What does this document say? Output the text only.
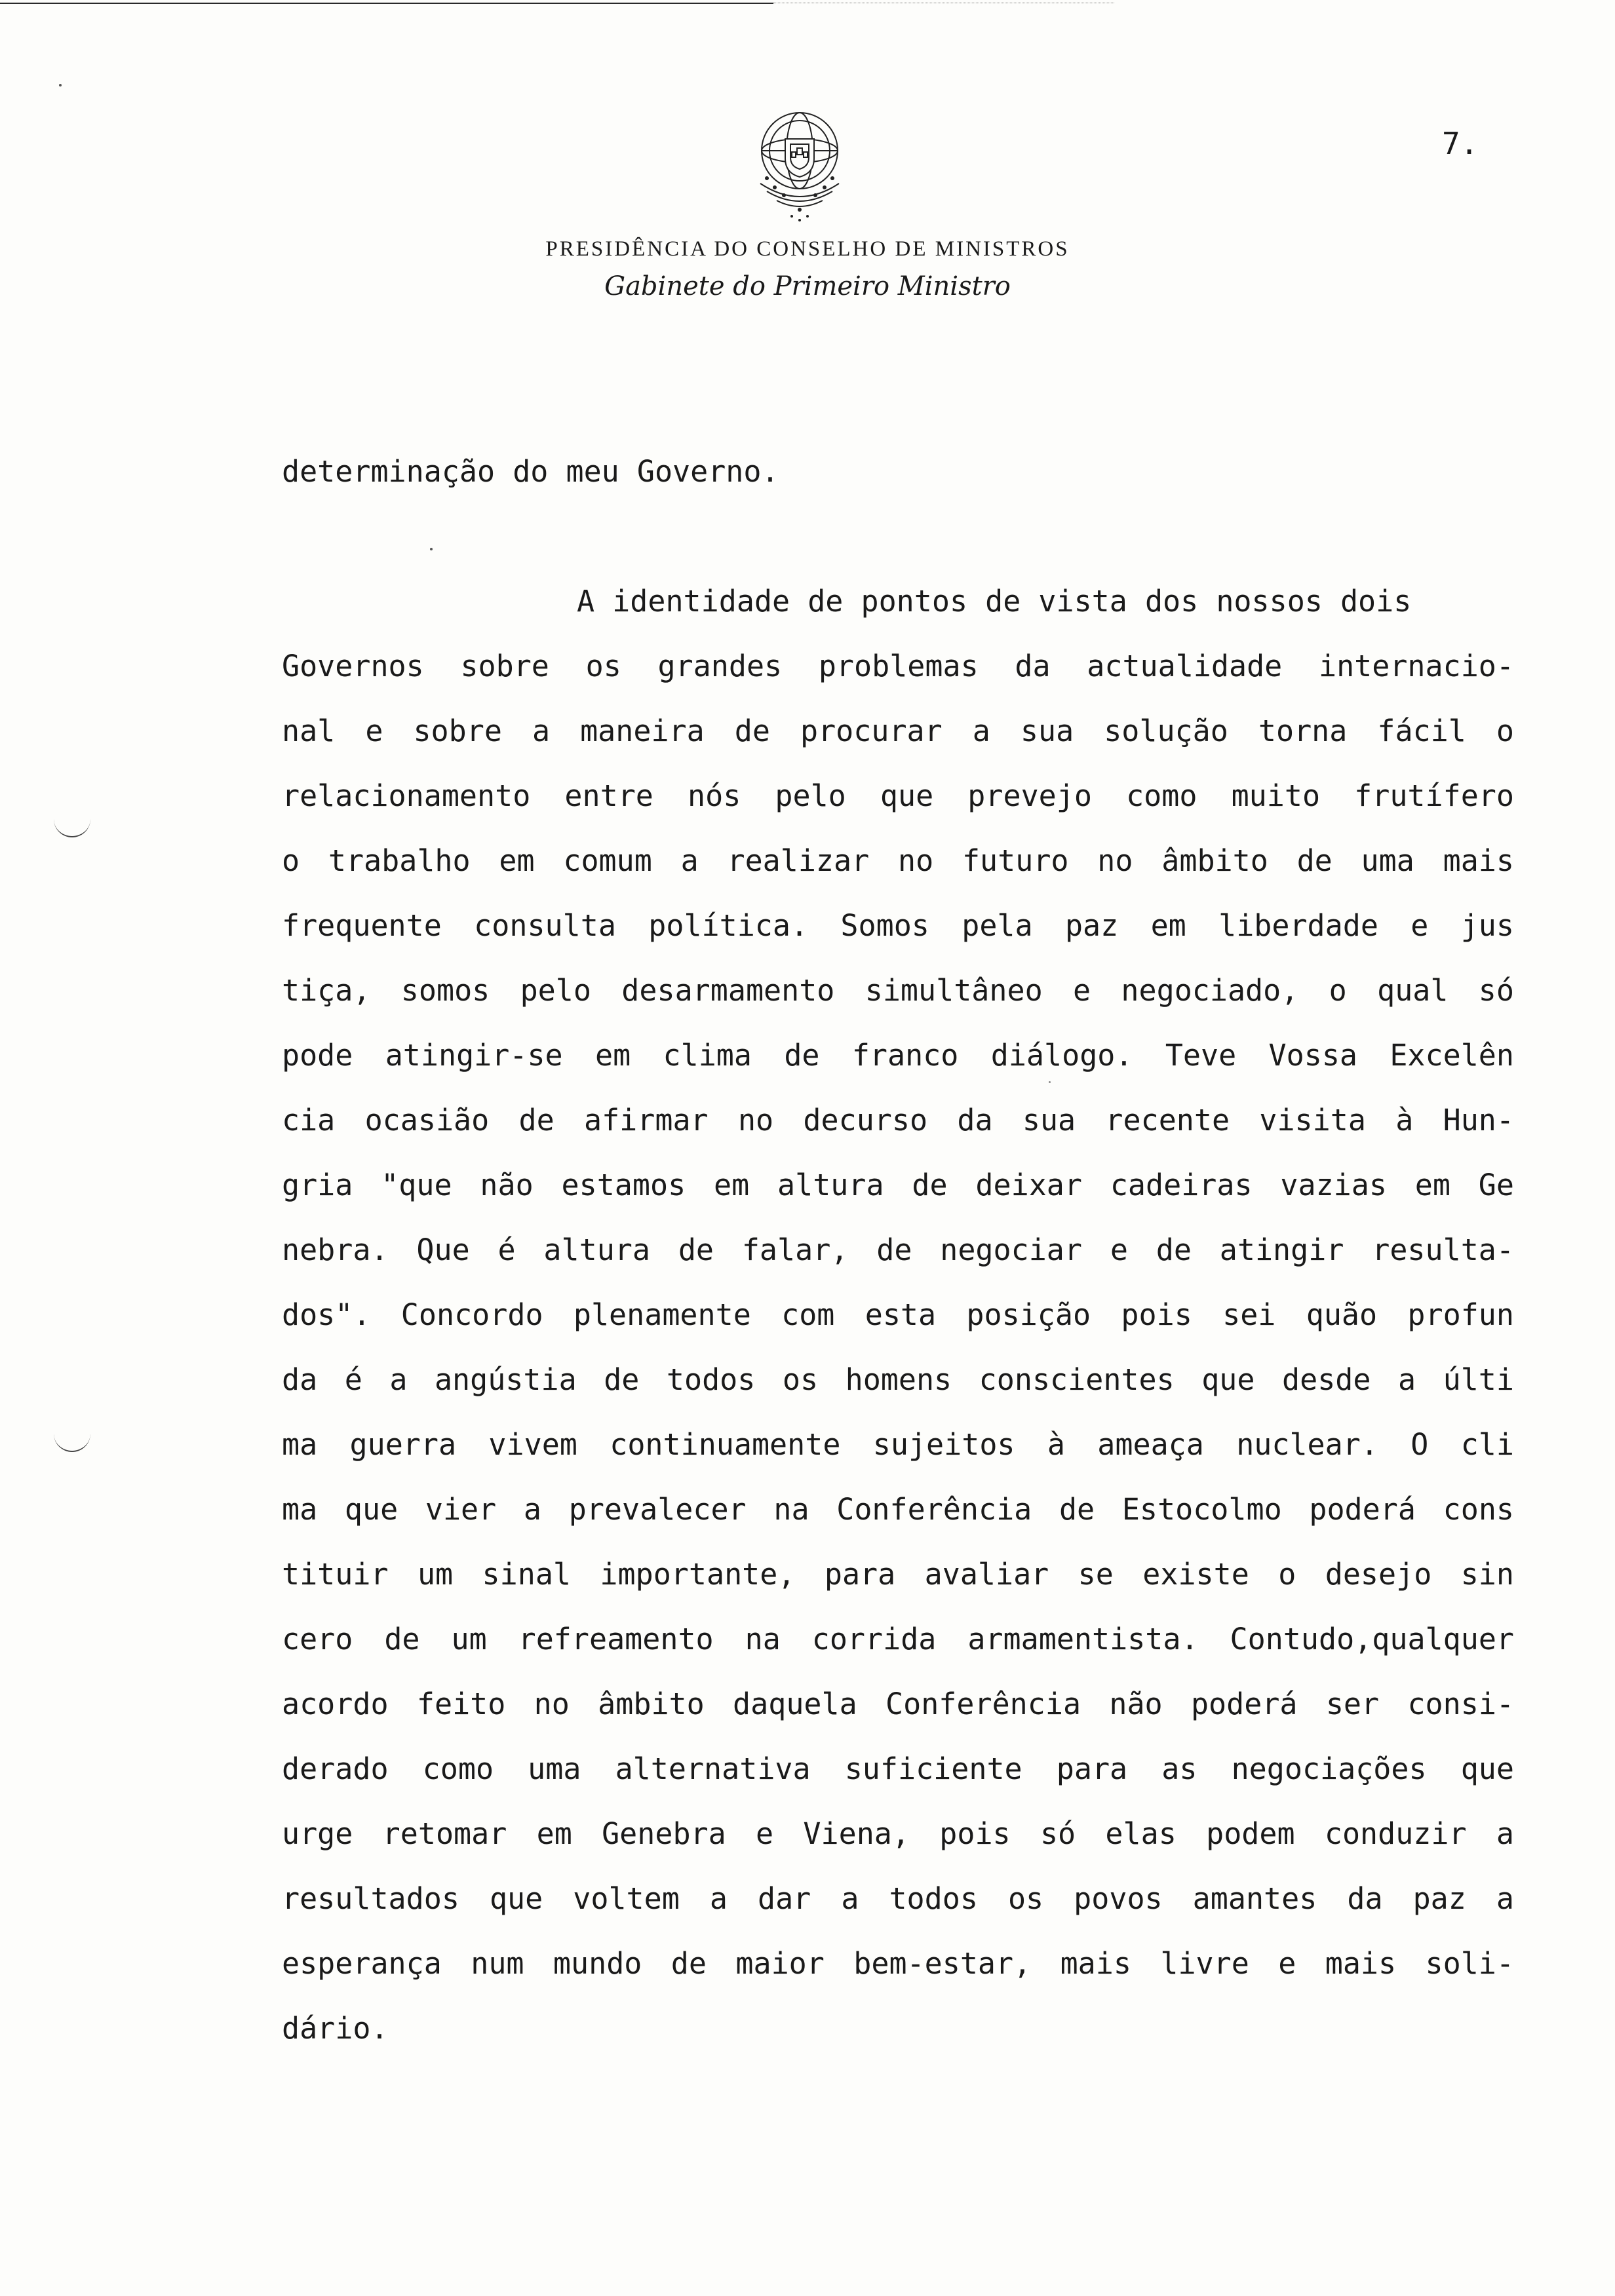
7.
PRESIDÊNCIA DO CONSELHO DE MINISTROS
Gabinete do Primeiro Ministro

determinação do meu Governo.

A identidade de pontos de vista dos nossos dois

Governos sobre os grandes problemas da actualidade internacio-

nal e sobre a maneira de procurar a sua solução torna fácil o

relacionamento entre nós pelo que prevejo como muito frutífero

o trabalho em comum a realizar no futuro no âmbito de uma mais

frequente consulta política. Somos pela paz em liberdade e jus

tiça, somos pelo desarmamento simultâneo e negociado, o qual só

pode atingir-se em clima de franco diálogo. Teve Vossa Excelên

cia ocasião de afirmar no decurso da sua recente visita à Hun-

gria "que não estamos em altura de deixar cadeiras vazias em Ge

nebra. Que é altura de falar, de negociar e de atingir resulta-

dos". Concordo plenamente com esta posição pois sei quão profun

da é a angústia de todos os homens conscientes que desde a últi

ma guerra vivem continuamente sujeitos à ameaça nuclear. O cli

ma que vier a prevalecer na Conferência de Estocolmo poderá cons

tituir um sinal importante, para avaliar se existe o desejo sin

cero de um refreamento na corrida armamentista. Contudo,qualquer

acordo feito no âmbito daquela Conferência não poderá ser consi-

derado como uma alternativa suficiente para as negociações que

urge retomar em Genebra e Viena, pois só elas podem conduzir a

resultados que voltem a dar a todos os povos amantes da paz a

esperança num mundo de maior bem-estar, mais livre e mais soli-

dário.
